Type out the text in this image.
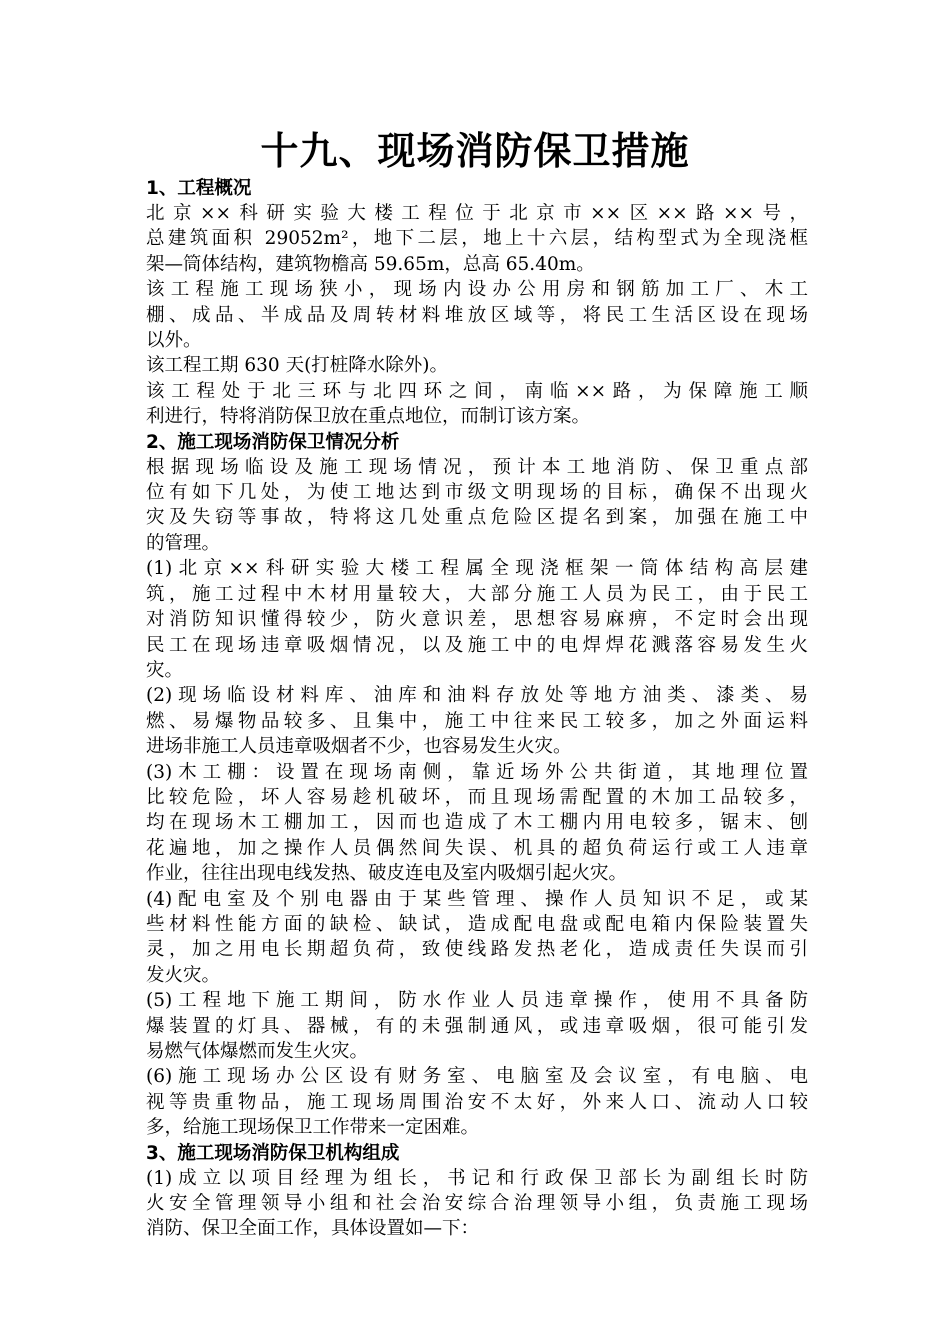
十九、现场消防保卫措施
1、工程概况

北京××科研实验大楼工程位于北京市××区××路××号，
总建筑面积 29052m²，地下二层，地上十六层，结构型式为全现浇框
架—筒体结构，建筑物檐高 59.65m，总高 65.40m。

该工程施工现场狭小，现场内设办公用房和钢筋加工厂、木工
棚、成品、半成品及周转材料堆放区域等，将民工生活区设在现场
以外。

该工程工期 630 天(打桩降水除外)。

该工程处于北三环与北四环之间，南临××路，为保障施工顺
利进行，特将消防保卫放在重点地位，而制订该方案。

2、施工现场消防保卫情况分析

根据现场临设及施工现场情况，预计本工地消防、保卫重点部
位有如下几处，为使工地达到市级文明现场的目标，确保不出现火
灾及失窃等事故，特将这几处重点危险区提名到案，加强在施工中
的管理。

(1)北京××科研实验大楼工程属全现浇框架一筒体结构高层建
筑，施工过程中木材用量较大，大部分施工人员为民工，由于民工
对消防知识懂得较少，防火意识差，思想容易麻痹，不定时会出现
民工在现场违章吸烟情况，以及施工中的电焊焊花溅落容易发生火
灾。

(2)现场临设材料库、油库和油料存放处等地方油类、漆类、易
燃、易爆物品较多、且集中，施工中往来民工较多，加之外面运料
进场非施工人员违章吸烟者不少，也容易发生火灾。

(3)木工棚：设置在现场南侧，靠近场外公共街道，其地理位置
比较危险，坏人容易趁机破坏，而且现场需配置的木加工品较多，
均在现场木工棚加工，因而也造成了木工棚内用电较多，锯末、刨
花遍地，加之操作人员偶然间失误、机具的超负荷运行或工人违章
作业，往往出现电线发热、破皮连电及室内吸烟引起火灾。

(4)配电室及个别电器由于某些管理、操作人员知识不足，或某
些材料性能方面的缺检、缺试，造成配电盘或配电箱内保险装置失
灵，加之用电长期超负荷，致使线路发热老化，造成责任失误而引
发火灾。

(5)工程地下施工期间，防水作业人员违章操作，使用不具备防
爆装置的灯具、器械，有的未强制通风，或违章吸烟，很可能引发
易燃气体爆燃而发生火灾。

(6)施工现场办公区设有财务室、电脑室及会议室，有电脑、电
视等贵重物品，施工现场周围治安不太好，外来人口、流动人口较
多，给施工现场保卫工作带来一定困难。

3、施工现场消防保卫机构组成

(1)成立以项目经理为组长，书记和行政保卫部长为副组长时防
火安全管理领导小组和社会治安综合治理领导小组，负责施工现场
消防、保卫全面工作，具体设置如—下：
